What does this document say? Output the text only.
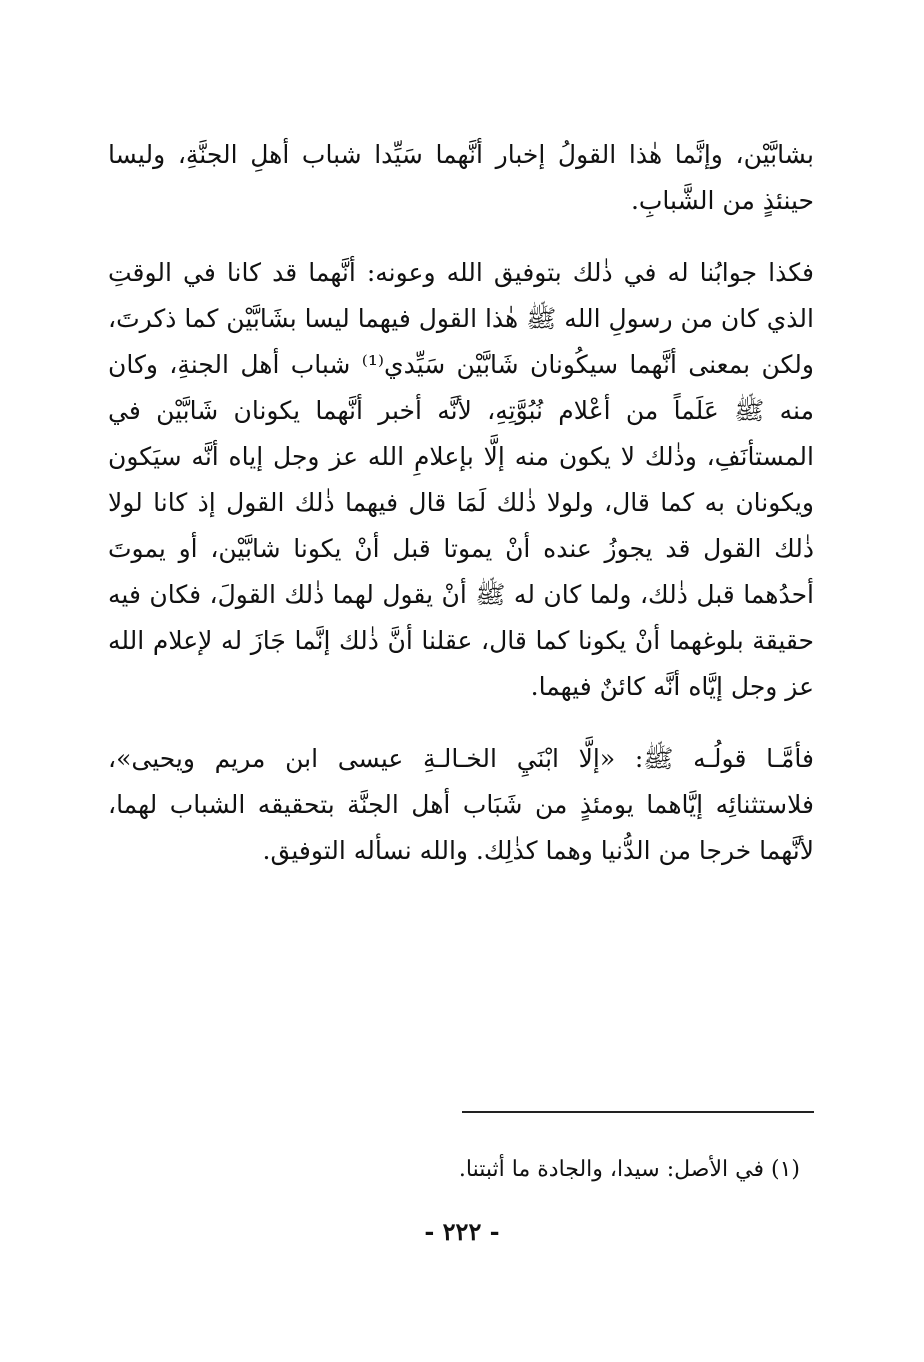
بشابَّيْن، وإنَّما هٰذا القولُ إخبار أنَّهما سَيِّدا شباب أهلِ الجنَّةِ، وليسا حينئذٍ من الشَّبابِ.

فكذا جوابُنا له في ذٰلك بتوفيق الله وعونه: أنَّهما قد كانا في الوقتِ الذي كان من رسولِ الله ﷺ هٰذا القول فيهما ليسا بشَابَّيْن كما ذكرتَ، ولكن بمعنى أنَّهما سيكُونان شَابَّيْن سَيِّدي⁽¹⁾ شباب أهل الجنةِ، وكان منه ﷺ عَلَماً من أعْلام نُبُوَّتِهِ، لأنَّه أخبر أنَّهما يكونان شَابَّيْن في المستأنَفِ، وذٰلك لا يكون منه إلَّا بإعلامِ الله عز وجل إياه أنَّه سيَكون ويكونان به كما قال، ولولا ذٰلك لَمَا قال فيهما ذٰلك القول إذ كانا لولا ذٰلك القول قد يجوزُ عنده أنْ يموتا قبل أنْ يكونا شابَّيْن، أو يموتَ أحدُهما قبل ذٰلك، ولما كان له ﷺ أنْ يقول لهما ذٰلك القولَ، فكان فيه حقيقة بلوغهما أنْ يكونا كما قال، عقلنا أنَّ ذٰلك إنَّما جَازَ له لإعلام الله عز وجل إيَّاه أنَّه كائنٌ فيهما.

فأمَّـا قولُـه ﷺ: «إلَّا ابْنَيِ الخـالـةِ عيسى ابن مريم ويحيى»، فلاستثنائِه إيَّاهما يومئذٍ من شَبَاب أهل الجنَّة بتحقيقه الشباب لهما، لأنَّهما خرجا من الدُّنيا وهما كذٰلِك. والله نسأله التوفيق.

(١) في الأصل: سيدا، والجادة ما أثبتنا.

- ٢٢٢ -
